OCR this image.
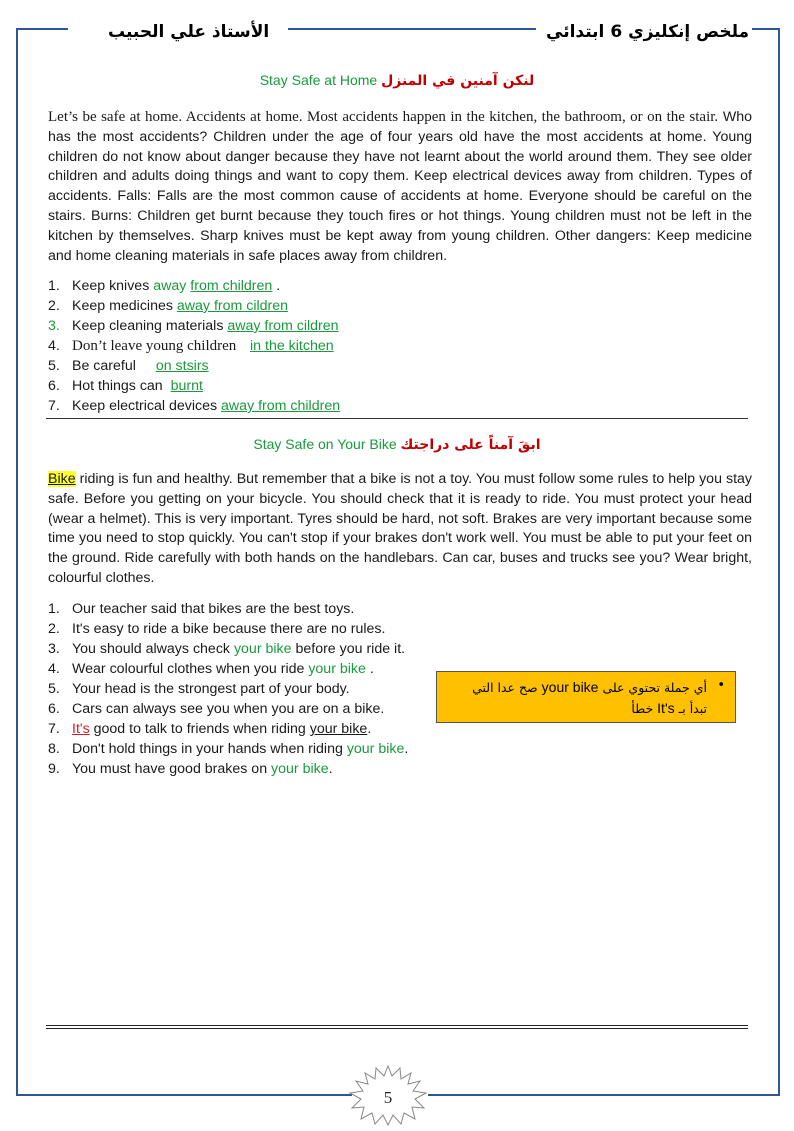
ملخص إنكليزي 6 ابتدائي
الأستاذ علي الحبيب
Stay Safe at Home لنكن آمنين في المنزل
Let’s be safe at home. Accidents at home. Most accidents happen in the kitchen, the bathroom, or on the stair. Who has the most accidents? Children under the age of four years old have the most accidents at home. Young children do not know about danger because they have not learnt about the world around them. They see older children and adults doing things and want to copy them. Keep electrical devices away from children. Types of accidents. Falls: Falls are the most common cause of accidents at home. Everyone should be careful on the stairs. Burns: Children get burnt because they touch fires or hot things. Young children must not be left in the kitchen by themselves. Sharp knives must be kept away from young children. Other dangers: Keep medicine and home cleaning materials in safe places away from children.
1. Keep knives away from children .
2. Keep medicines away from cildren
3. Keep cleaning materials away from cildren
4. Don’t leave young children in the kitchen
5. Be careful on stsirs
6. Hot things can burnt
7. Keep electrical devices away from children
Stay Safe on Your Bike ابقَ آمناً على دراجتك
Bike riding is fun and healthy. But remember that a bike is not a toy. You must follow some rules to help you stay safe. Before you getting on your bicycle. You should check that it is ready to ride. You must protect your head (wear a helmet). This is very important. Tyres should be hard, not soft. Brakes are very important because some time you need to stop quickly. You can't stop if your brakes don't work well. You must be able to put your feet on the ground. Ride carefully with both hands on the handlebars. Can car, buses and trucks see you? Wear bright, colourful clothes.
1. Our teacher said that bikes are the best toys.
2. It's easy to ride a bike because there are no rules.
3. You should always check your bike before you ride it.
4. Wear colourful clothes when you ride your bike .
5. Your head is the strongest part of your body.
6. Cars can always see you when you are on a bike.
7. It's good to talk to friends when riding your bike.
8. Don't hold things in your hands when riding your bike.
9. You must have good brakes on your bike.
•
أي جملة تحتوي على your bike صح عدا التي
تبدأ بـ It's خطأ
5
